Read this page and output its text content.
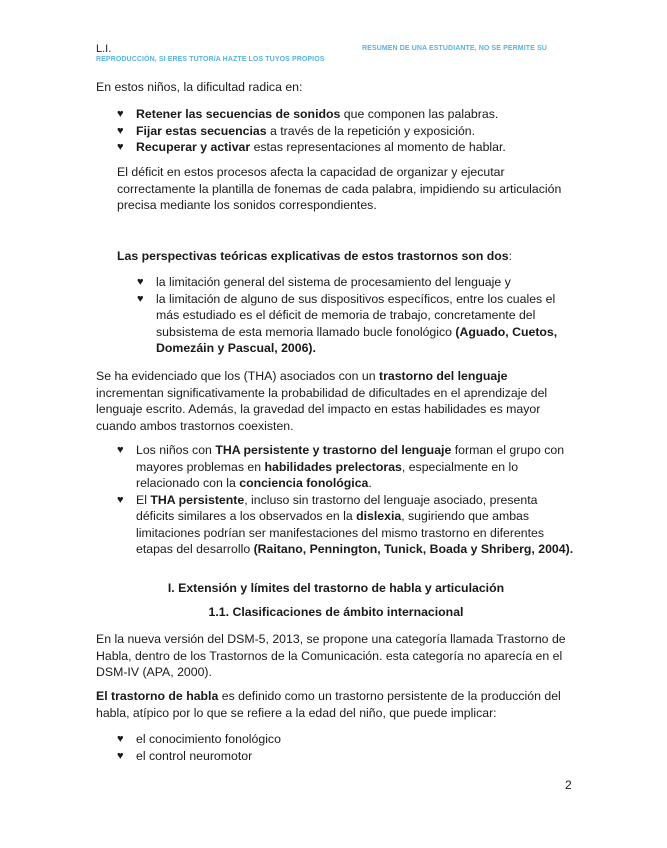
L.I.	RESUMEN DE UNA ESTUDIANTE, NO SE PERMITE SU
REPRODUCCIÓN, SI ERES TUTOR/A HAZTE LOS TUYOS PROPIOS

En estos niños, la dificultad radica en:

♥ Retener las secuencias de sonidos que componen las palabras.
♥ Fijar estas secuencias a través de la repetición y exposición.
♥ Recuperar y activar estas representaciones al momento de hablar.

El déficit en estos procesos afecta la capacidad de organizar y ejecutar correctamente la plantilla de fonemas de cada palabra, impidiendo su articulación precisa mediante los sonidos correspondientes.

Las perspectivas teóricas explicativas de estos trastornos son dos:

♥ la limitación general del sistema de procesamiento del lenguaje y
♥ la limitación de alguno de sus dispositivos específicos, entre los cuales el más estudiado es el déficit de memoria de trabajo, concretamente del subsistema de esta memoria llamado bucle fonológico (Aguado, Cuetos, Domezáin y Pascual, 2006).

Se ha evidenciado que los (THA) asociados con un trastorno del lenguaje incrementan significativamente la probabilidad de dificultades en el aprendizaje del lenguaje escrito. Además, la gravedad del impacto en estas habilidades es mayor cuando ambos trastornos coexisten.

♥ Los niños con THA persistente y trastorno del lenguaje forman el grupo con mayores problemas en habilidades prelectoras, especialmente en lo relacionado con la conciencia fonológica.
♥ El THA persistente, incluso sin trastorno del lenguaje asociado, presenta déficits similares a los observados en la dislexia, sugiriendo que ambas limitaciones podrían ser manifestaciones del mismo trastorno en diferentes etapas del desarrollo (Raitano, Pennington, Tunick, Boada y Shriberg, 2004).
I. Extensión y límites del trastorno de habla y articulación
1.1. Clasificaciones de ámbito internacional

En la nueva versión del DSM-5, 2013, se propone una categoría llamada Trastorno de Habla, dentro de los Trastornos de la Comunicación. esta categoría no aparecía en el DSM-IV (APA, 2000).

El trastorno de habla es definido como un trastorno persistente de la producción del habla, atípico por lo que se refiere a la edad del niño, que puede implicar:

♥ el conocimiento fonológico
♥ el control neuromotor
2
